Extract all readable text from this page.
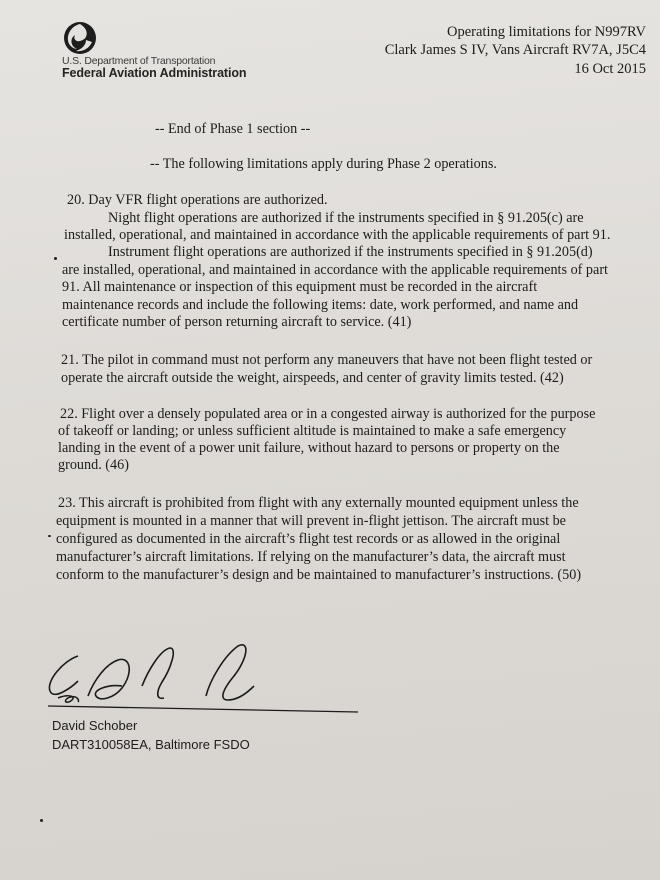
U.S. Department of Transportation
Federal Aviation Administration
Operating limitations for N997RV
Clark James S IV, Vans Aircraft RV7A, J5C4
16 Oct 2015
-- End of Phase 1 section --
-- The following limitations apply during Phase 2 operations.
20. Day VFR flight operations are authorized.
Night flight operations are authorized if the instruments specified in § 91.205(c) are
installed, operational, and maintained in accordance with the applicable requirements of part 91.
Instrument flight operations are authorized if the instruments specified in § 91.205(d)
are installed, operational, and maintained in accordance with the applicable requirements of part
91. All maintenance or inspection of this equipment must be recorded in the aircraft
maintenance records and include the following items: date, work performed, and name and
certificate number of person returning aircraft to service. (41)
21. The pilot in command must not perform any maneuvers that have not been flight tested or
operate the aircraft outside the weight, airspeeds, and center of gravity limits tested. (42)
22. Flight over a densely populated area or in a congested airway is authorized for the purpose
of takeoff or landing; or unless sufficient altitude is maintained to make a safe emergency
landing in the event of a power unit failure, without hazard to persons or property on the
ground. (46)
23. This aircraft is prohibited from flight with any externally mounted equipment unless the
equipment is mounted in a manner that will prevent in-flight jettison. The aircraft must be
configured as documented in the aircraft’s flight test records or as allowed in the original
manufacturer’s aircraft limitations. If relying on the manufacturer’s data, the aircraft must
conform to the manufacturer’s design and be maintained to manufacturer’s instructions. (50)
David Schober
DART310058EA, Baltimore FSDO
